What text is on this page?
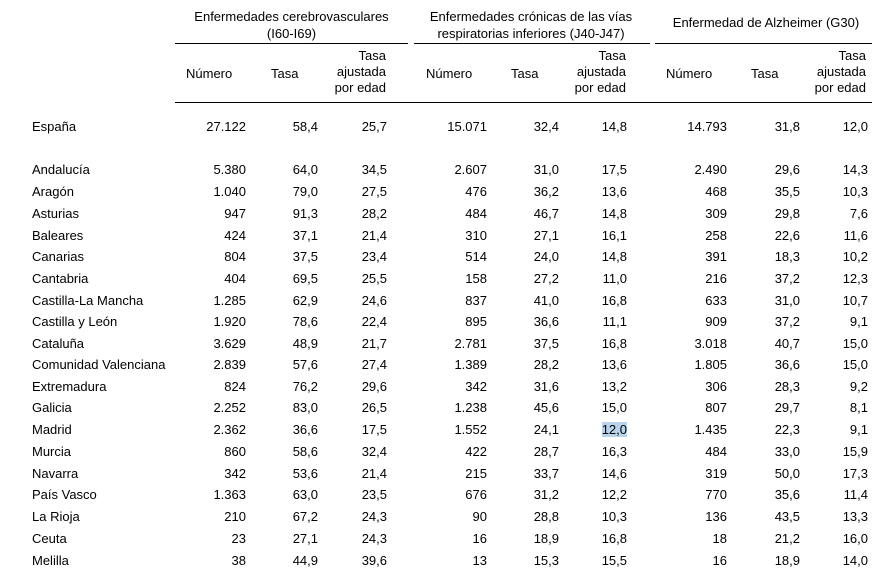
Enfermedades cerebrovasculares
(I60-I69)
Enfermedades crónicas de las vías
respiratorias inferiores (J40-J47)
Enfermedad de Alzheimer (G30)
Número	Tasa
Tasa
ajustada
por edad
Número	Tasa
Tasa
ajustada
por edad
Número	Tasa
Tasa
ajustada
por edad
España	27.122	58,4	25,7	15.071	32,4	14,8	14.793	31,8	12,0
Andalucía	5.380	64,0	34,5	2.607	31,0	17,5	2.490	29,6	14,3
Aragón	1.040	79,0	27,5	476	36,2	13,6	468	35,5	10,3
Asturias	947	91,3	28,2	484	46,7	14,8	309	29,8	7,6
Baleares	424	37,1	21,4	310	27,1	16,1	258	22,6	11,6
Canarias	804	37,5	23,4	514	24,0	14,8	391	18,3	10,2
Cantabria	404	69,5	25,5	158	27,2	11,0	216	37,2	12,3
Castilla-La Mancha	1.285	62,9	24,6	837	41,0	16,8	633	31,0	10,7
Castilla y León	1.920	78,6	22,4	895	36,6	11,1	909	37,2	9,1
Cataluña	3.629	48,9	21,7	2.781	37,5	16,8	3.018	40,7	15,0
Comunidad Valenciana	2.839	57,6	27,4	1.389	28,2	13,6	1.805	36,6	15,0
Extremadura	824	76,2	29,6	342	31,6	13,2	306	28,3	9,2
Galicia	2.252	83,0	26,5	1.238	45,6	15,0	807	29,7	8,1
Madrid	2.362	36,6	17,5	1.552	24,1	12,0	1.435	22,3	9,1
Murcia	860	58,6	32,4	422	28,7	16,3	484	33,0	15,9
Navarra	342	53,6	21,4	215	33,7	14,6	319	50,0	17,3
País Vasco	1.363	63,0	23,5	676	31,2	12,2	770	35,6	11,4
La Rioja	210	67,2	24,3	90	28,8	10,3	136	43,5	13,3
Ceuta	23	27,1	24,3	16	18,9	16,8	18	21,2	16,0
Melilla	38	44,9	39,6	13	15,3	15,5	16	18,9	14,0
